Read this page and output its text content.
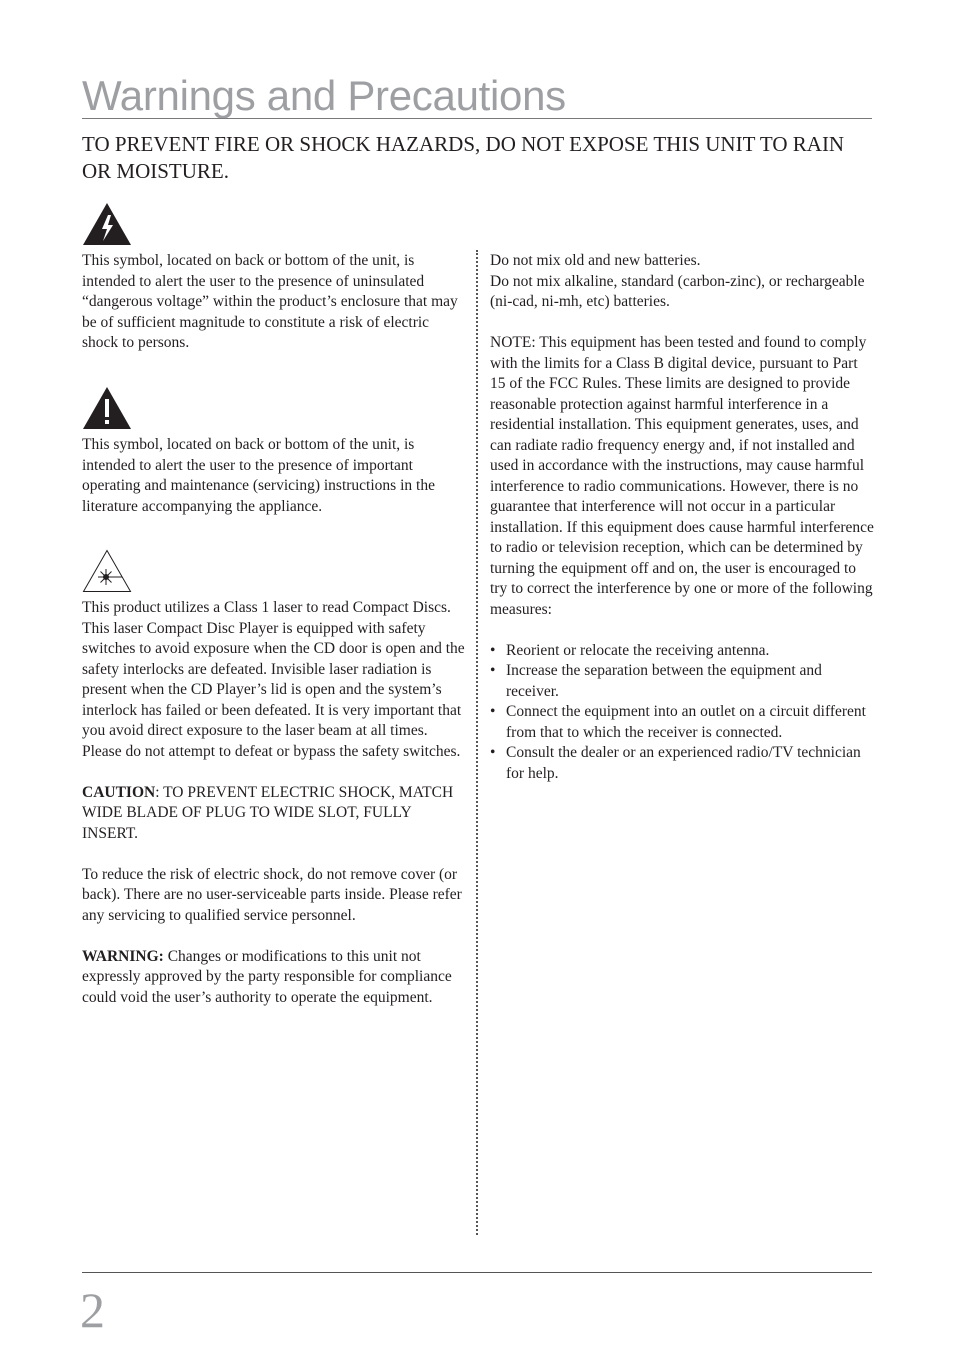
Warnings and Precautions
TO PREVENT FIRE OR SHOCK HAZARDS, DO NOT EXPOSE THIS UNIT TO RAIN OR MOISTURE.

This symbol, located on back or bottom of the unit, is intended to alert the user to the presence of uninsulated “dangerous voltage” within the product’s enclosure that may be of sufficient magnitude to constitute a risk of electric shock to persons.

This symbol, located on back or bottom of the unit, is intended to alert the user to the presence of important operating and maintenance (servicing) instructions in the literature accompanying the appliance.

This product utilizes a Class 1 laser to read Compact Discs. This laser Compact Disc Player is equipped with safety switches to avoid exposure when the CD door is open and the safety interlocks are defeated. Invisible laser radiation is present when the CD Player’s lid is open and the system’s interlock has failed or been defeated. It is very important that you avoid direct exposure to the laser beam at all times. Please do not attempt to defeat or bypass the safety switches.

CAUTION: TO PREVENT ELECTRIC SHOCK, MATCH WIDE BLADE OF PLUG TO WIDE SLOT, FULLY INSERT.

To reduce the risk of electric shock, do not remove cover (or back). There are no user-serviceable parts inside. Please refer any servicing to qualified service personnel.

WARNING: Changes or modifications to this unit not expressly approved by the party responsible for compliance could void the user’s authority to operate the equipment.

Do not mix old and new batteries.

Do not mix alkaline, standard (carbon-zinc), or rechargeable (ni-cad, ni-mh, etc) batteries.

NOTE: This equipment has been tested and found to comply with the limits for a Class B digital device, pursuant to Part 15 of the FCC Rules. These limits are designed to provide reasonable protection against harmful interference in a residential installation. This equipment generates, uses, and can radiate radio frequency energy and, if not installed and used in accordance with the instructions, may cause harmful interference to radio communications. However, there is no guarantee that interference will not occur in a particular installation. If this equipment does cause harmful interference to radio or television reception, which can be determined by turning the equipment off and on, the user is encouraged to try to correct the interference by one or more of the following measures:

• Reorient or relocate the receiving antenna.
• Increase the separation between the equipment and receiver.
• Connect the equipment into an outlet on a circuit different from that to which the receiver is connected.
• Consult the dealer or an experienced radio/TV technician for help.
2
